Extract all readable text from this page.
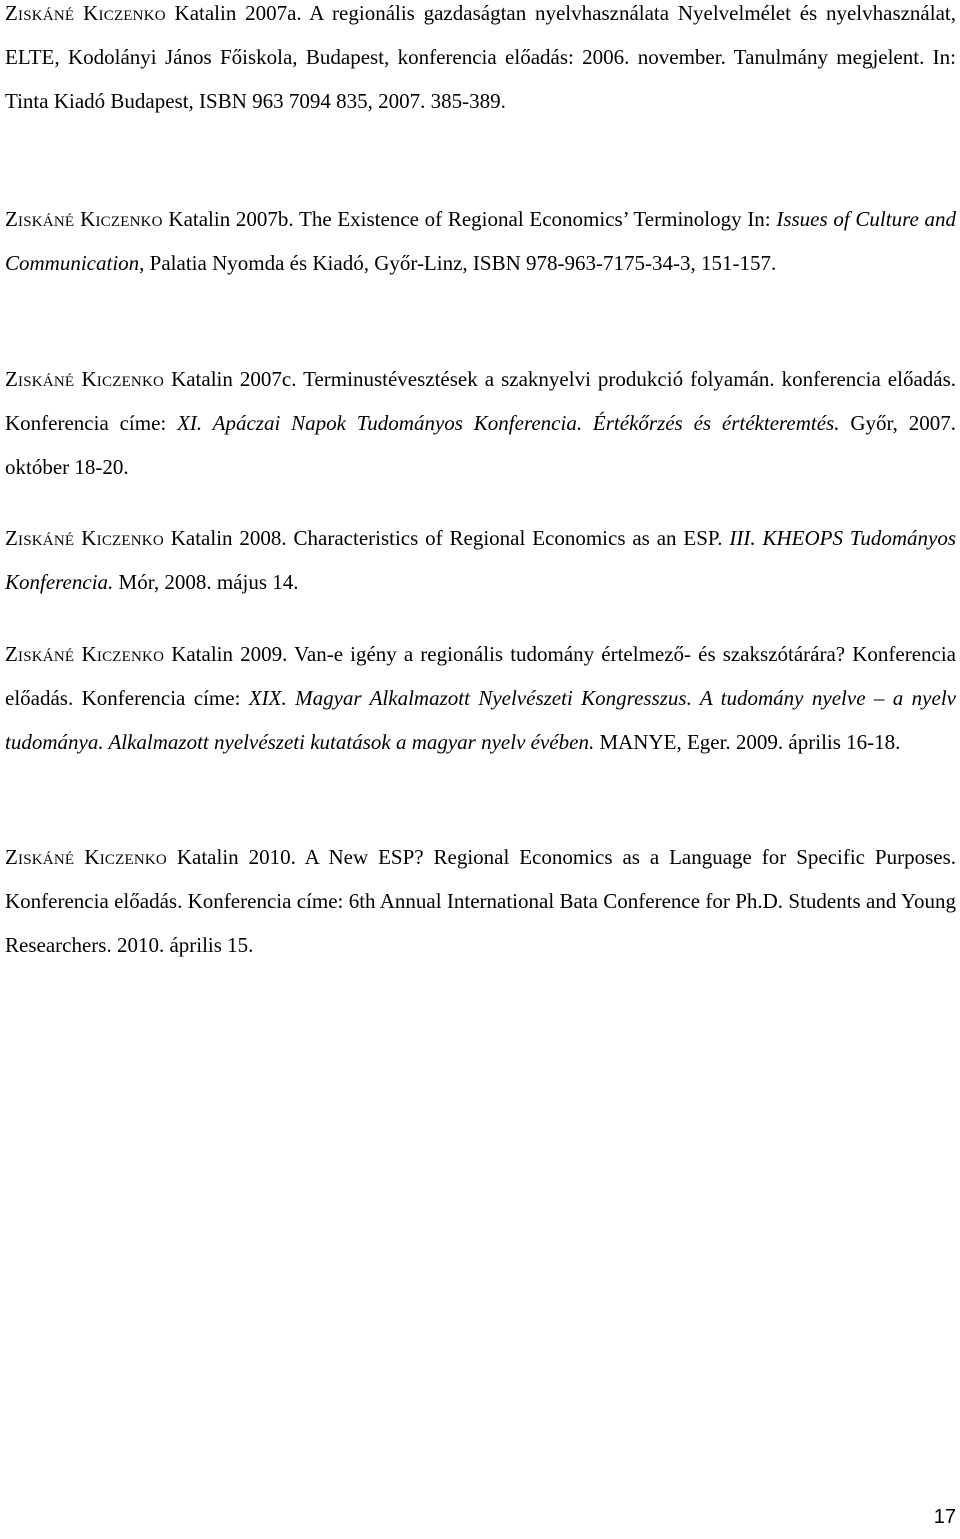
Ziskáné Kiczenko Katalin 2007a. A regionális gazdaságtan nyelvhasználata Nyelvelmélet és nyelvhasználat, ELTE, Kodolányi János Főiskola, Budapest, konferencia előadás: 2006. november. Tanulmány megjelent. In: Tinta Kiadó Budapest, ISBN 963 7094 835, 2007. 385-389.

Ziskáné Kiczenko Katalin 2007b. The Existence of Regional Economics’ Terminology In: Issues of Culture and Communication, Palatia Nyomda és Kiadó, Győr-Linz, ISBN 978-963-7175-34-3, 151-157.

Ziskáné Kiczenko Katalin 2007c. Terminustévesztések a szaknyelvi produkció folyamán. konferencia előadás. Konferencia címe: XI. Apáczai Napok Tudományos Konferencia. Értékőrzés és értékteremtés. Győr, 2007. október 18-20.

Ziskáné Kiczenko Katalin 2008. Characteristics of Regional Economics as an ESP. III. KHEOPS Tudományos Konferencia. Mór, 2008. május 14.

Ziskáné Kiczenko Katalin 2009. Van-e igény a regionális tudomány értelmező- és szakszótárára? Konferencia előadás. Konferencia címe: XIX. Magyar Alkalmazott Nyelvészeti Kongresszus. A tudomány nyelve – a nyelv tudománya. Alkalmazott nyelvészeti kutatások a magyar nyelv évében. MANYE, Eger. 2009. április 16-18.

Ziskáné Kiczenko Katalin 2010. A New ESP? Regional Economics as a Language for Specific Purposes. Konferencia előadás. Konferencia címe: 6th Annual International Bata Conference for Ph.D. Students and Young Researchers. 2010. április 15.

17
